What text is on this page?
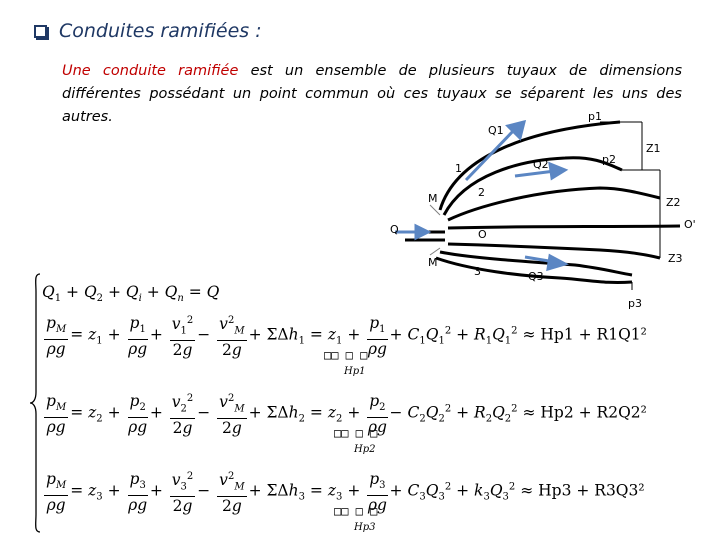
Conduites ramifiées :
Une conduite ramifiée est un ensemble de plusieurs tuyaux de dimensions différentes possédant un point commun où ces tuyaux se séparent les uns des autres.
Q1
p1
Z1
Q2	p2
1
2
M	Z2
Q	O
O'
M	Z3
3	Q3
p3
$Q_1 + Q_2 + Q_i + Q_n = Q$
$\frac{p_M}{\rho g} = z_1 + \frac{p_1}{\rho g} + \frac{v_1^2}{2g} - \frac{v^2_M}{2g} + \Sigma\Delta h_1 = z_1 + \frac{p_1}{\rho g} + C_1Q_1^2 + R_1Q_1^2 \approx Hp1 + R1Q1^2$
□□ □ □
Hp1
$\frac{p_M}{\rho g} = z_2 + \frac{p_2}{\rho g} + \frac{v_2^2}{2g} - \frac{v^2_M}{2g} + \Sigma\Delta h_2 = z_2 + \frac{p_2}{\rho g} - C_2Q_2^2 + R_2Q_2^2 \approx Hp2 + R2Q2^2$
□□ □ □
Hp2
$\frac{p_M}{\rho g} = z_3 + \frac{p_3}{\rho g} + \frac{v_3^2}{2g} - \frac{v^2_M}{2g} + \Sigma\Delta h_3 = z_3 + \frac{p_3}{\rho g} + C_3Q_3^2 + k_3Q_3^2 \approx Hp3 + R3Q3^2$
□□ □ □
Hp3
